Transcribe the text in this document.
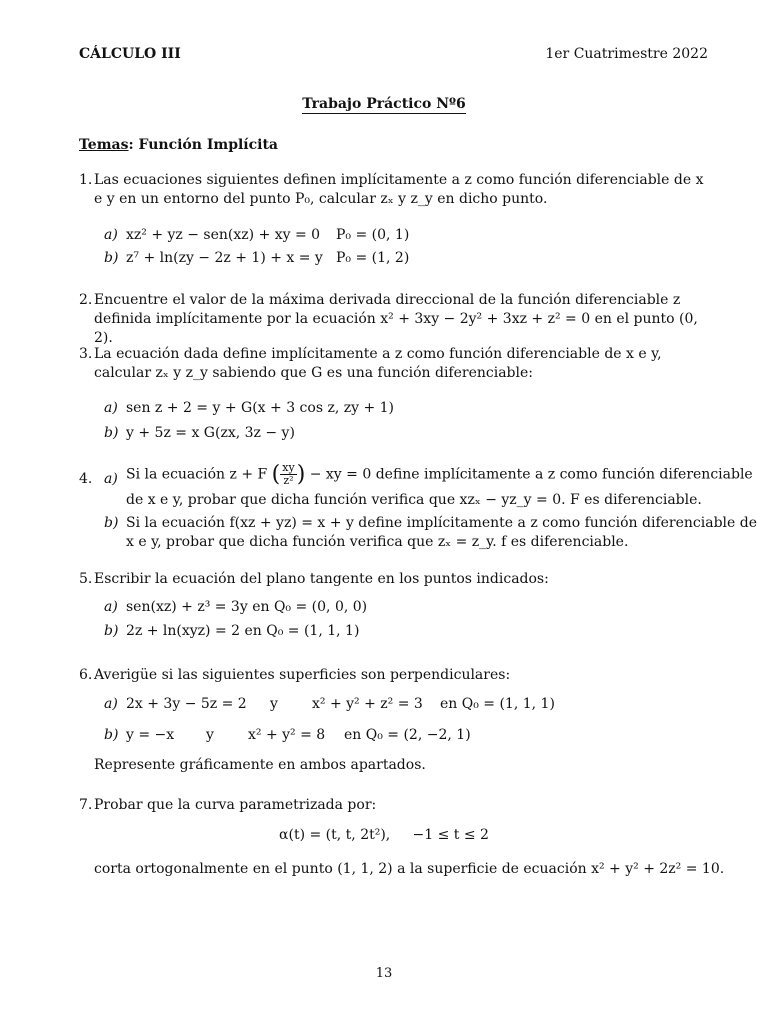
CÁLCULO III	1er Cuatrimestre 2022
Trabajo Práctico Nº6
Temas: Función Implícita
1. Las ecuaciones siguientes definen implícitamente a z como función diferenciable de x e y en un entorno del punto P₀, calcular zₓ y z_y en dicho punto.
a) xz² + yz − sen(xz) + xy = 0 P₀ = (0, 1)
b) z⁷ + ln(zy − 2z + 1) + x = y P₀ = (1, 2)
2. Encuentre el valor de la máxima derivada direccional de la función diferenciable z definida implícitamente por la ecuación x² + 3xy − 2y² + 3xz + z² = 0 en el punto (0, 2).
3. La ecuación dada define implícitamente a z como función diferenciable de x e y, calcular zₓ y z_y sabiendo que G es una función diferenciable:
a) sen z + 2 = y + G(x + 3 cos z, zy + 1)
b) y + 5z = x G(zx, 3z − y)
4. a) Si la ecuación z + F ( $\frac{xy}{\text{z²}}$ ) − xy = 0 define implícitamente a z como función diferenciable
de x e y, probar que dicha función verifica que xzₓ − yz_y = 0. F es diferenciable.
b) Si la ecuación f(xz + yz) = x + y define implícitamente a z como función diferenciable de
x e y, probar que dicha función verifica que zₓ = z_y. f es diferenciable.
5. Escribir la ecuación del plano tangente en los puntos indicados:
a) sen(xz) + z³ = 3y en Q₀ = (0, 0, 0)
b) 2z + ln(xyz) = 2 en Q₀ = (1, 1, 1)
6. Averigüe si las siguientes superficies son perpendiculares:
a) 2x + 3y − 5z = 2 y x² + y² + z² = 3 en Q₀ = (1, 1, 1)
b) y = −x y x² + y² = 8 en Q₀ = (2, −2, 1)
Represente gráficamente en ambos apartados.
7. Probar que la curva parametrizada por:
α(t) = (t, t, 2t²),     −1 ≤ t ≤ 2
corta ortogonalmente en el punto (1, 1, 2) a la superficie de ecuación x² + y² + 2z² = 10.
13
